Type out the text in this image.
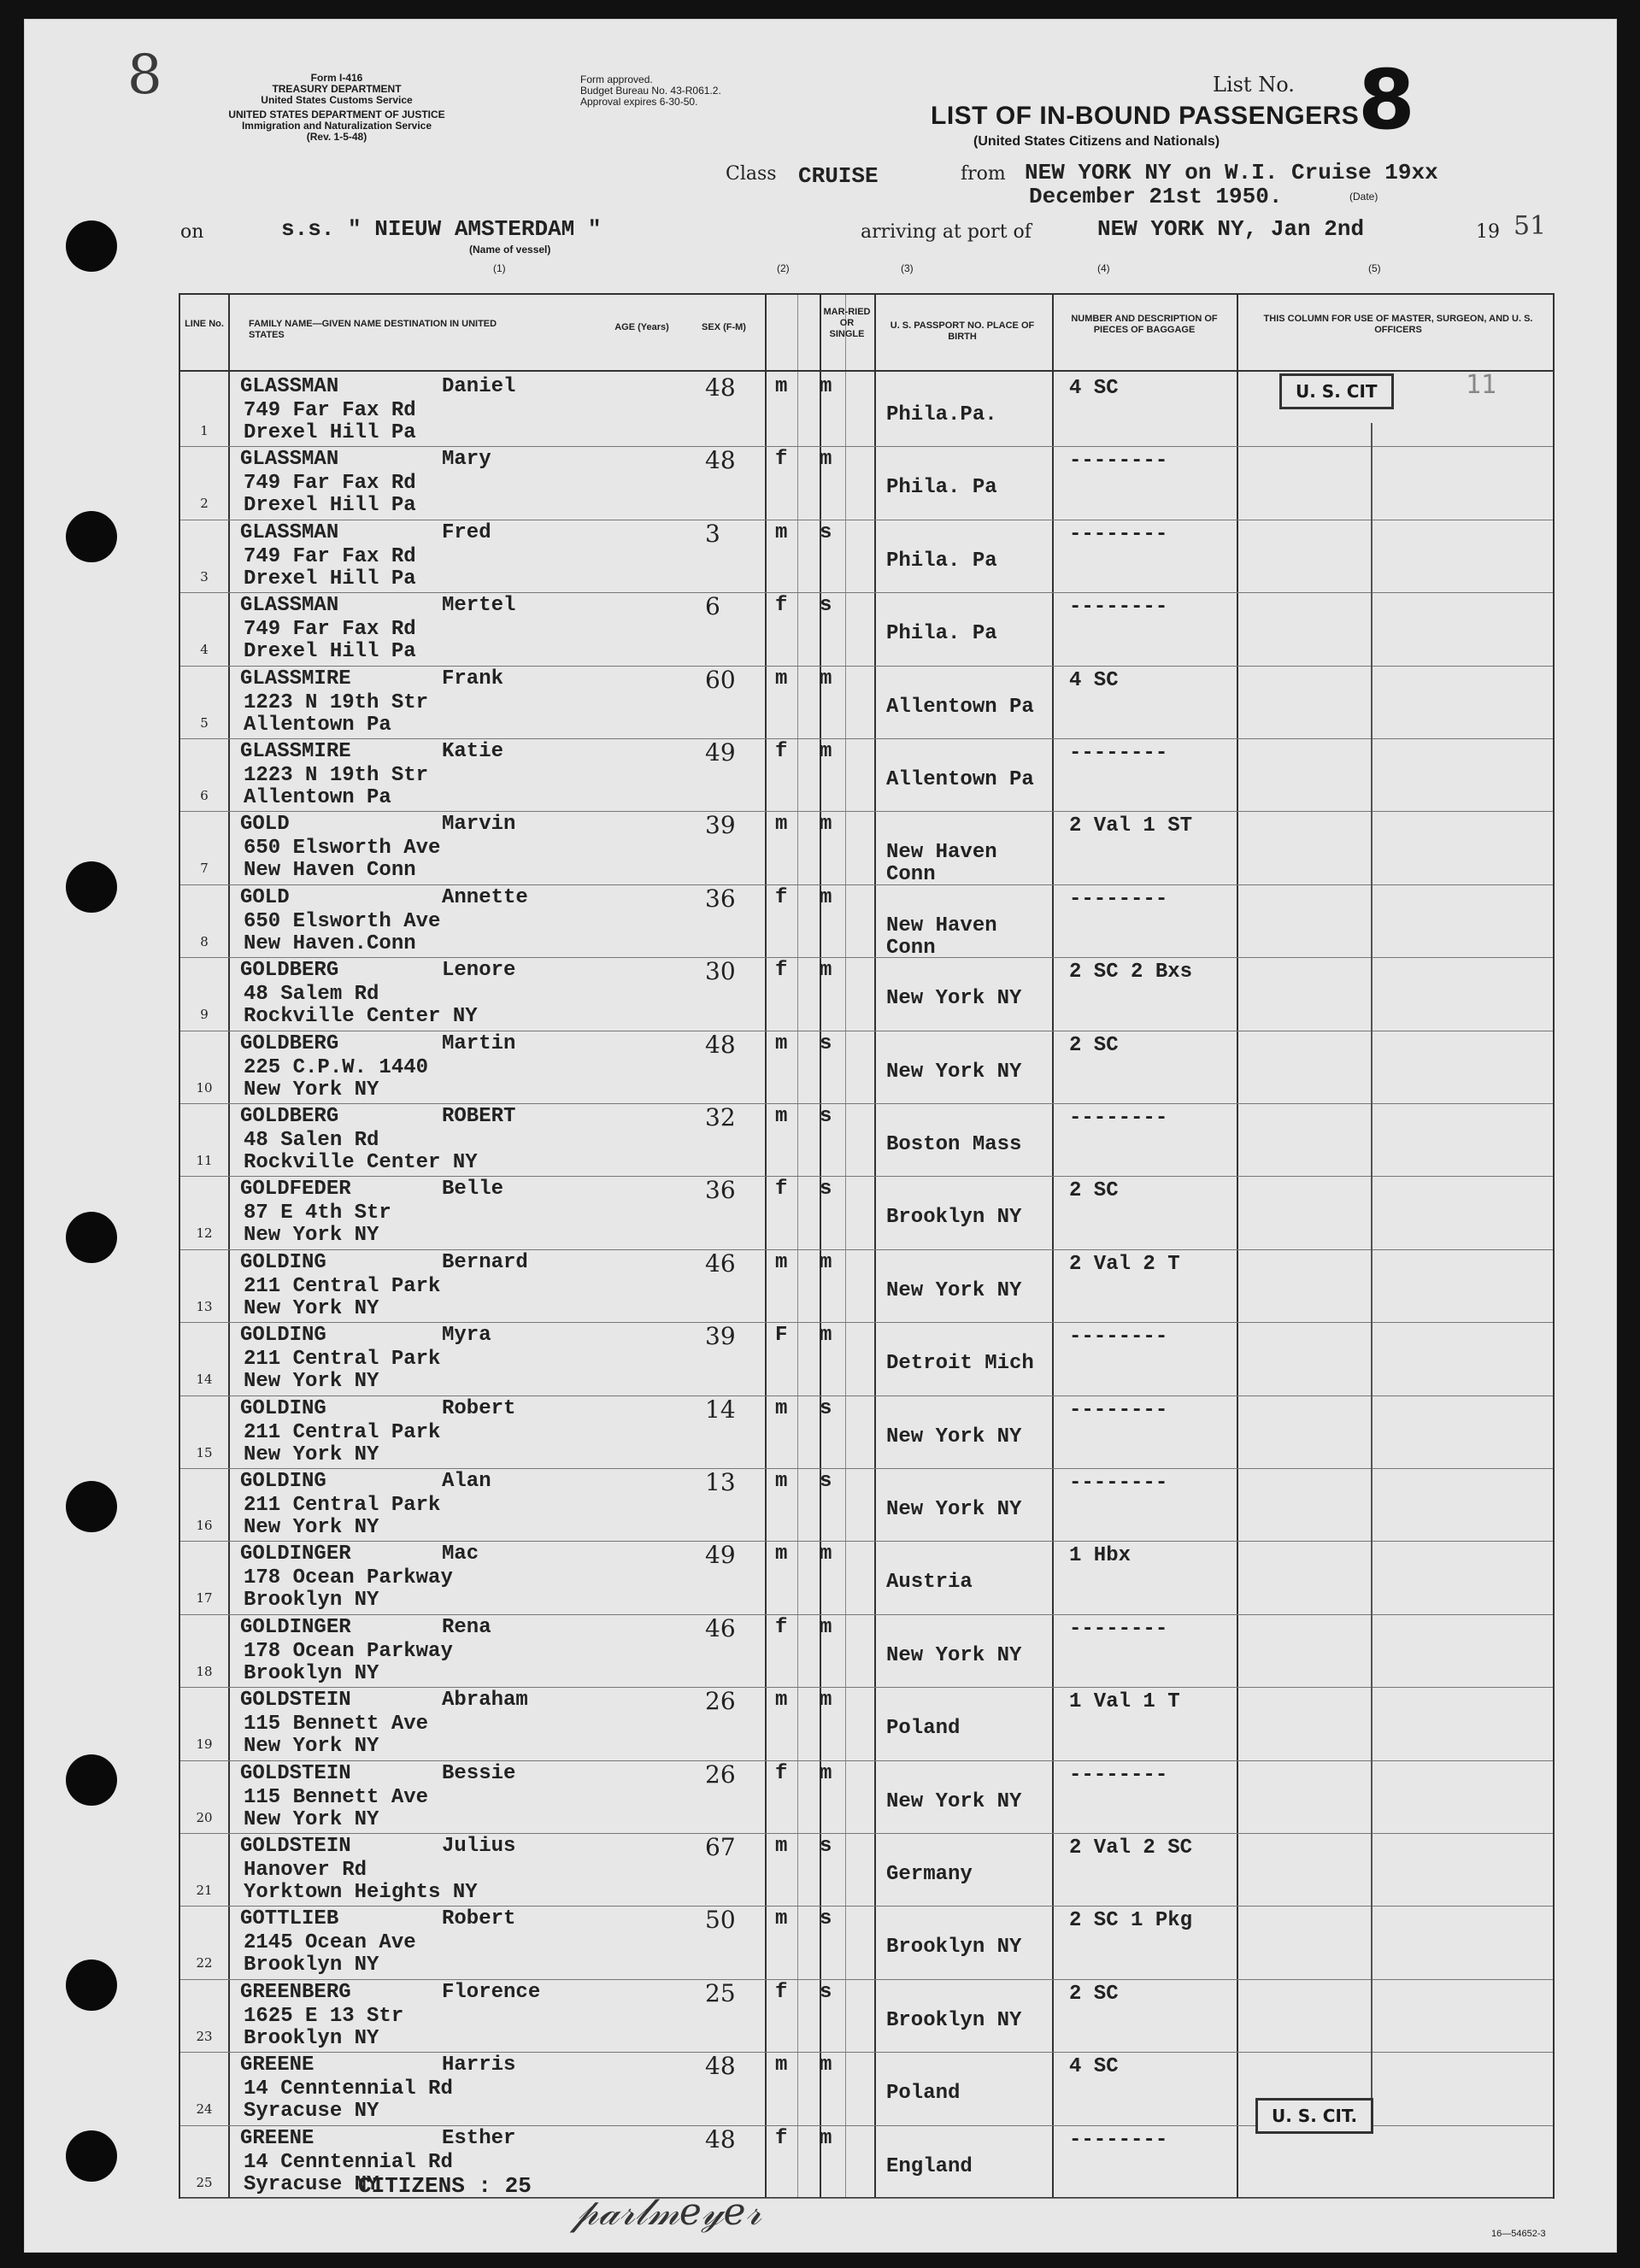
8	Form I-416
TREASURY DEPARTMENT
United States Customs Service
UNITED STATES DEPARTMENT OF JUSTICE
Immigration and Naturalization Service
(Rev. 1-5-48)
Form approved.
Budget Bureau No. 43-R061.2.
Approval expires 6-30-50.
List No. 8
LIST OF IN-BOUND PASSENGERS
(United States Citizens and Nationals)
Class CRUISE	from NEW YORK NY on W.I. Cruise 19xx
December 21st 1950.	(Date)
on	s.s. " NIEUW AMSTERDAM "
(Name of vessel)
arriving at port of	NEW YORK NY, Jan 2nd	19 51
(1)	(2)	(3)	(4)	(5)
LINE No.	FAMILY NAME—GIVEN NAME DESTINATION IN UNITED STATES
AGE (Years)	SEX (F-M)
MAR-RIED OR SINGLE
U. S. PASSPORT NO. PLACE OF BIRTH
NUMBER AND DESCRIPTION OF PIECES OF BAGGAGE
THIS COLUMN FOR USE OF MASTER, SURGEON, AND U. S. OFFICERS
1
GLASSMAN	Daniel
749 Far Fax Rd
Drexel Hill Pa
48 m m
Phila.Pa.
4 SC
2
GLASSMAN	Mary
749 Far Fax Rd
Drexel Hill Pa
48 f m
Phila. Pa
--------
3
GLASSMAN	Fred
749 Far Fax Rd
Drexel Hill Pa
3	m s
Phila. Pa
--------
4
GLASSMAN	Mertel
749 Far Fax Rd
Drexel Hill Pa
6	f s
Phila. Pa
--------
5
GLASSMIRE	Frank
1223 N 19th Str
Allentown Pa
60 m m
Allentown Pa
4 SC
6
GLASSMIRE	Katie
1223 N 19th Str
Allentown Pa
49 f m
Allentown Pa
--------
7
GOLD	Marvin
650 Elsworth Ave
New Haven Conn
39 m m
New Haven Conn
2 Val 1 ST
8
GOLD	Annette
650 Elsworth Ave
New Haven.Conn
36 f m
New Haven Conn
--------
9
GOLDBERG	Lenore
48 Salem Rd
Rockville Center NY
30 f m
New York NY
2 SC 2 Bxs
10
GOLDBERG	Martin
225 C.P.W. 1440
New York NY
48 m s
New York NY
2 SC
11
GOLDBERG	ROBERT
48 Salen Rd
Rockville Center NY
32 m s
Boston Mass
--------
12
GOLDFEDER	Belle
87 E 4th Str
New York NY
36 f s
Brooklyn NY
2 SC
13
GOLDING	Bernard
211 Central Park
New York NY
46 m m
New York NY
2 Val 2 T
14
GOLDING	Myra
211 Central Park
New York NY
39 F m
Detroit Mich
--------
15
GOLDING	Robert
211 Central Park
New York NY
14 m s
New York NY
--------
16
GOLDING	Alan
211 Central Park
New York NY
13 m s
New York NY
--------
17
GOLDINGER	Mac
178 Ocean Parkway
Brooklyn NY
49 m m
Austria
1 Hbx
18
GOLDINGER	Rena
178 Ocean Parkway
Brooklyn NY
46 f m
New York NY
--------
19
GOLDSTEIN	Abraham
115 Bennett Ave
New York NY
26 m m
Poland
1 Val 1 T
20
GOLDSTEIN	Bessie
115 Bennett Ave
New York NY
26 f m
New York NY
--------
21
GOLDSTEIN	Julius
Hanover Rd
Yorktown Heights NY
67 m s
Germany
2 Val 2 SC
22
GOTTLIEB	Robert
2145 Ocean Ave
Brooklyn NY
50 m s
Brooklyn NY
2 SC 1 Pkg
23
GREENBERG	Florence
1625 E 13 Str
Brooklyn NY
25 f s
Brooklyn NY
2 SC
24
GREENE	Harris
14 Cenntennial Rd
Syracuse NY
48 m m
Poland
4 SC
25
GREENE	Esther
14 Cenntennial Rd
Syracuse NY
48 f m
England
--------
U. S. CIT	11
U. S. CIT.
CITIZENS : 25
𝓅𝒶𝓇𝓁𝓂𝑒𝓎𝑒𝓇	16—54652-3
